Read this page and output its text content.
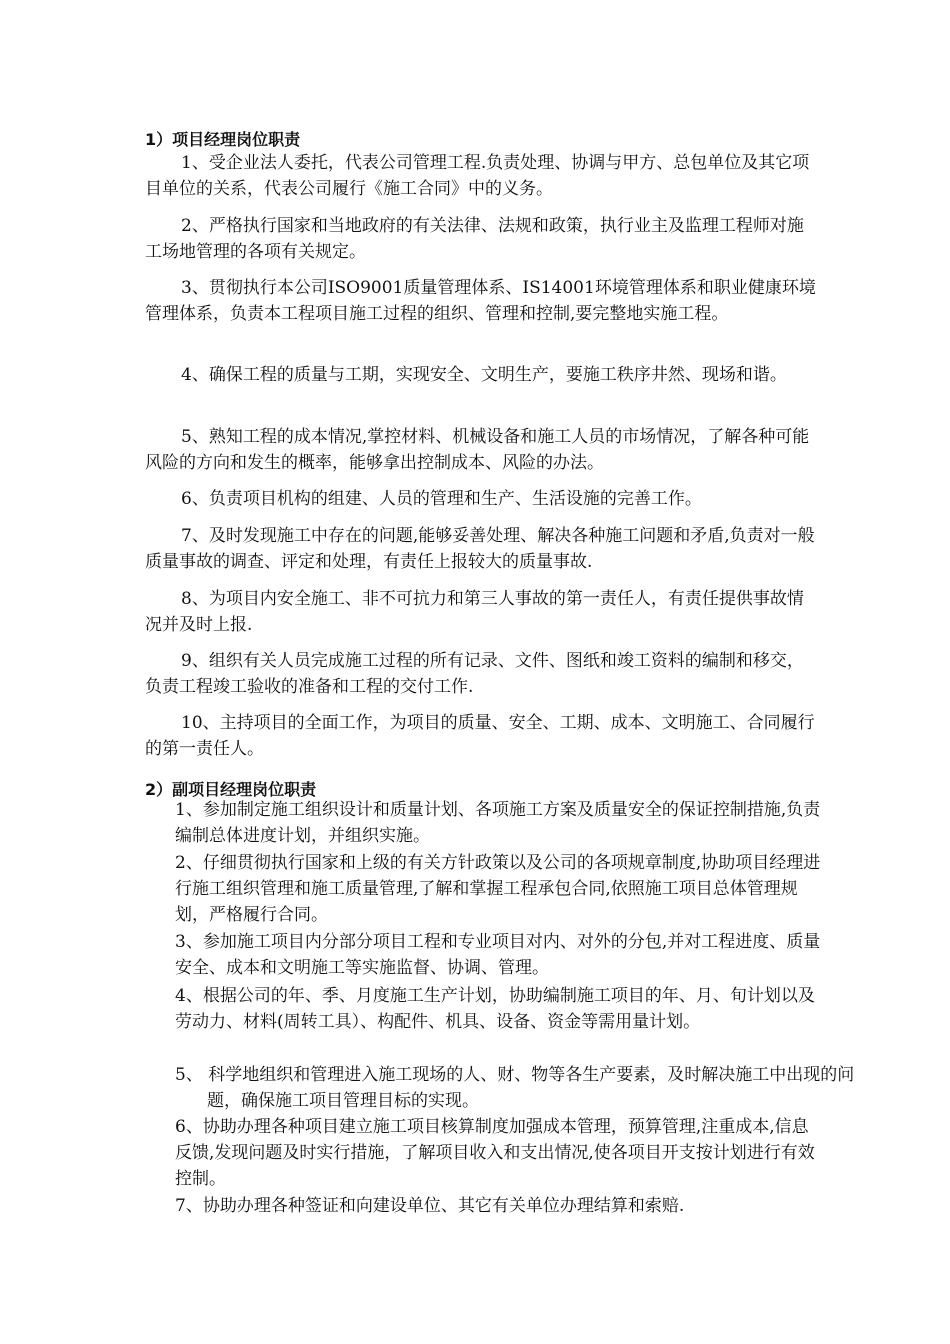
1）项目经理岗位职责

1、受企业法人委托，代表公司管理工程.负责处理、协调与甲方、总包单位及其它项目单位的关系，代表公司履行《施工合同》中的义务。

2、严格执行国家和当地政府的有关法律、法规和政策，执行业主及监理工程师对施工场地管理的各项有关规定。

3、贯彻执行本公司ISO9001质量管理体系、IS14001环境管理体系和职业健康环境管理体系，负责本工程项目施工过程的组织、管理和控制,要完整地实施工程。

4、确保工程的质量与工期，实现安全、文明生产，要施工秩序井然、现场和谐。

5、熟知工程的成本情况,掌控材料、机械设备和施工人员的市场情况，了解各种可能风险的方向和发生的概率，能够拿出控制成本、风险的办法。

6、负责项目机构的组建、人员的管理和生产、生活设施的完善工作。

7、及时发现施工中存在的问题,能够妥善处理、解决各种施工问题和矛盾,负责对一般质量事故的调查、评定和处理，有责任上报较大的质量事故.

8、为项目内安全施工、非不可抗力和第三人事故的第一责任人，有责任提供事故情况并及时上报.

9、组织有关人员完成施工过程的所有记录、文件、图纸和竣工资料的编制和移交，负责工程竣工验收的准备和工程的交付工作.

10、主持项目的全面工作，为项目的质量、安全、工期、成本、文明施工、合同履行的第一责任人。

2）副项目经理岗位职责

1、参加制定施工组织设计和质量计划、各项施工方案及质量安全的保证控制措施,负责编制总体进度计划，并组织实施。

2、仔细贯彻执行国家和上级的有关方针政策以及公司的各项规章制度,协助项目经理进行施工组织管理和施工质量管理,了解和掌握工程承包合同,依照施工项目总体管理规划，严格履行合同。

3、参加施工项目内分部分项目工程和专业项目对内、对外的分包,并对工程进度、质量安全、成本和文明施工等实施监督、协调、管理。

4、根据公司的年、季、月度施工生产计划，协助编制施工项目的年、月、旬计划以及劳动力、材料(周转工具）、构配件、机具、设备、资金等需用量计划。

5、 科学地组织和管理进入施工现场的人、财、物等各生产要素，及时解决施工中出现的问题，确保施工项目管理目标的实现。

6、协助办理各种项目建立施工项目核算制度加强成本管理，预算管理,注重成本,信息反馈,发现问题及时实行措施，了解项目收入和支出情况,使各项目开支按计划进行有效控制。

7、协助办理各种签证和向建设单位、其它有关单位办理结算和索赔.
